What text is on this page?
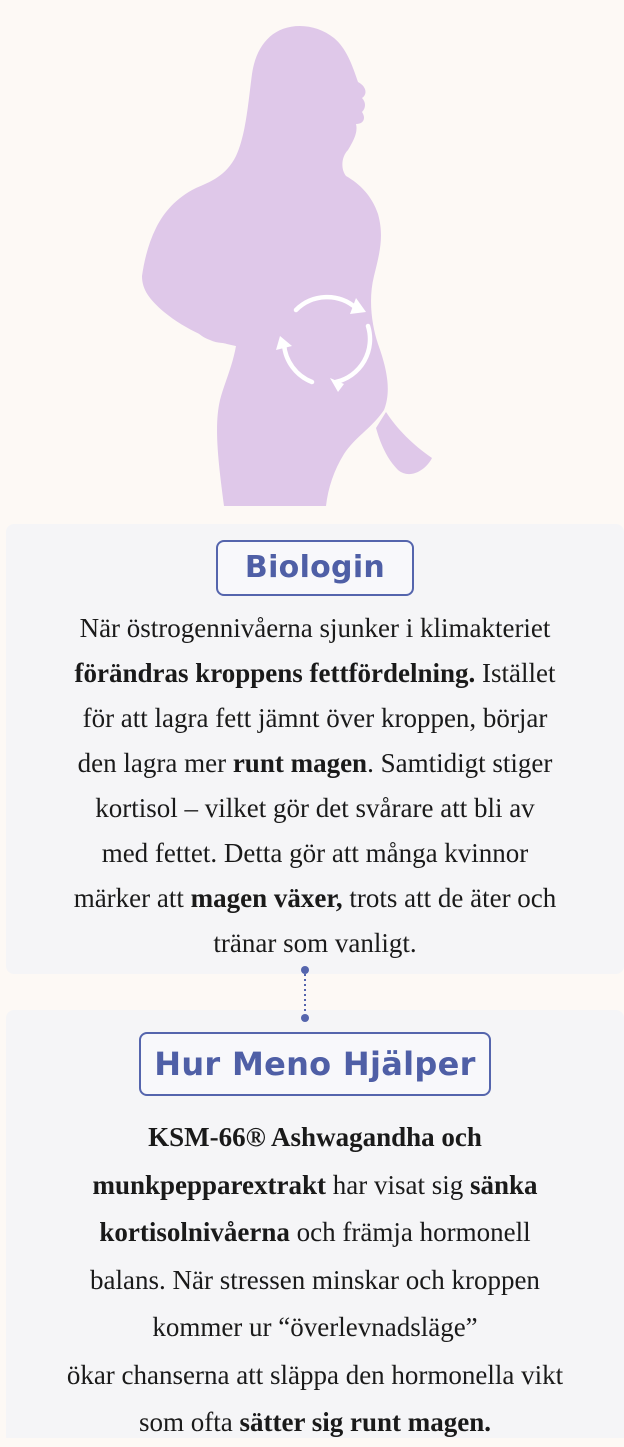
Biologin

När östrogennivåerna sjunker i klimakteriet

förändras kroppens fettfördelning. Istället

för att lagra fett jämnt över kroppen, börjar

den lagra mer runt magen. Samtidigt stiger

kortisol – vilket gör det svårare att bli av

med fettet. Detta gör att många kvinnor

märker att magen växer, trots att de äter och

tränar som vanligt.

Hur Meno Hjälper

KSM-66® Ashwagandha och

munkpepparextrakt har visat sig sänka

kortisolnivåerna och främja hormonell

balans. När stressen minskar och kroppen

kommer ur “överlevnadsläge”

ökar chanserna att släppa den hormonella vikt

som ofta sätter sig runt magen.
